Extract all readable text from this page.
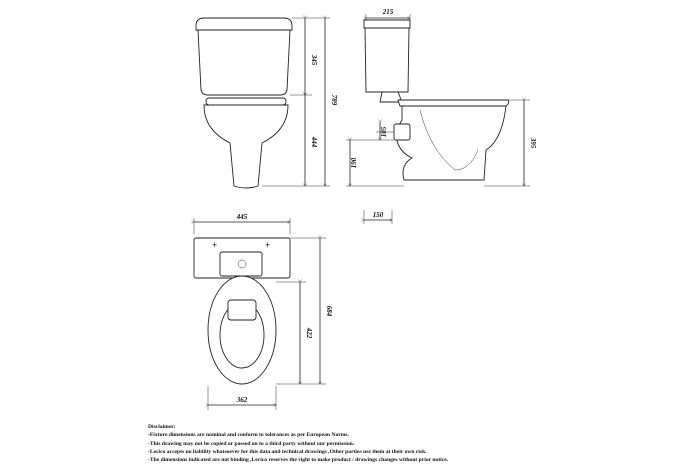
345
444
789
215
190
105
395
150
445
+	+
684
422
362
Disclaimer:
-Fixture dimensions are nominal and conform to tolerances as per European Norms.
-This drawing may not be copied or passed on to a third party without our permission.
-Lecico accepts no liability whatsoever for this data and technical drawings ,Other parties use them at their own risk.
-The dimensions indicated are not binding ,Lecico reserves the right to make product / drawings changes without prior notice.
